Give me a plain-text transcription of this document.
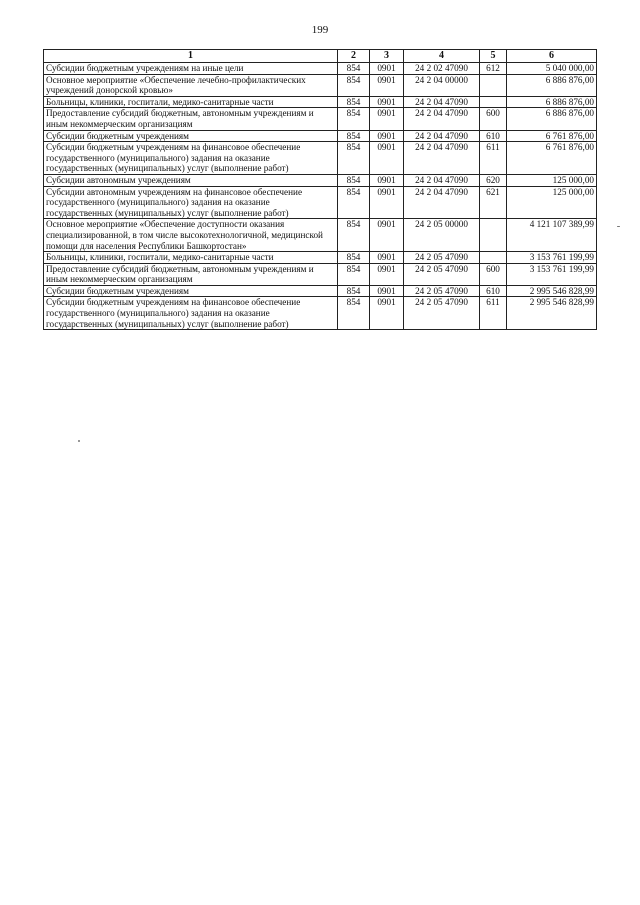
199
1	2	3	4	5	6
Субсидии бюджетным учреждениям на иные цели	854	0901	24 2 02 47090	612	5 040 000,00
Основное мероприятие «Обеспечение лечебно-профилактических учреждений донорской кровью»	854	0901	24 2 04 00000		6 886 876,00
Больницы, клиники, госпитали, медико-санитарные части	854	0901	24 2 04 47090		6 886 876,00
Предоставление субсидий бюджетным, автономным учреждениям и иным некоммерческим организациям	854	0901	24 2 04 47090	600	6 886 876,00
Субсидии бюджетным учреждениям	854	0901	24 2 04 47090	610	6 761 876,00
Субсидии бюджетным учреждениям на финансовое обеспечение государственного (муниципального) задания на оказание государственных (муниципальных) услуг (выполнение работ)	854	0901	24 2 04 47090	611	6 761 876,00
Субсидии автономным учреждениям	854	0901	24 2 04 47090	620	125 000,00
Субсидии автономным учреждениям на финансовое обеспечение государственного (муниципального) задания на оказание государственных (муниципальных) услуг (выполнение работ)	854	0901	24 2 04 47090	621	125 000,00
Основное мероприятие «Обеспечение доступности оказания специализированной, в том числе высокотехнологичной, медицинской помощи для населения Республики Башкортостан»	854	0901	24 2 05 00000		4 121 107 389,99
Больницы, клиники, госпитали, медико-санитарные части	854	0901	24 2 05 47090		3 153 761 199,99
Предоставление субсидий бюджетным, автономным учреждениям и иным некоммерческим организациям	854	0901	24 2 05 47090	600	3 153 761 199,99
Субсидии бюджетным учреждениям	854	0901	24 2 05 47090	610	2 995 546 828,99
Субсидии бюджетным учреждениям на финансовое обеспечение государственного (муниципального) задания на оказание государственных (муниципальных) услуг (выполнение работ)	854	0901	24 2 05 47090	611	2 995 546 828,99
